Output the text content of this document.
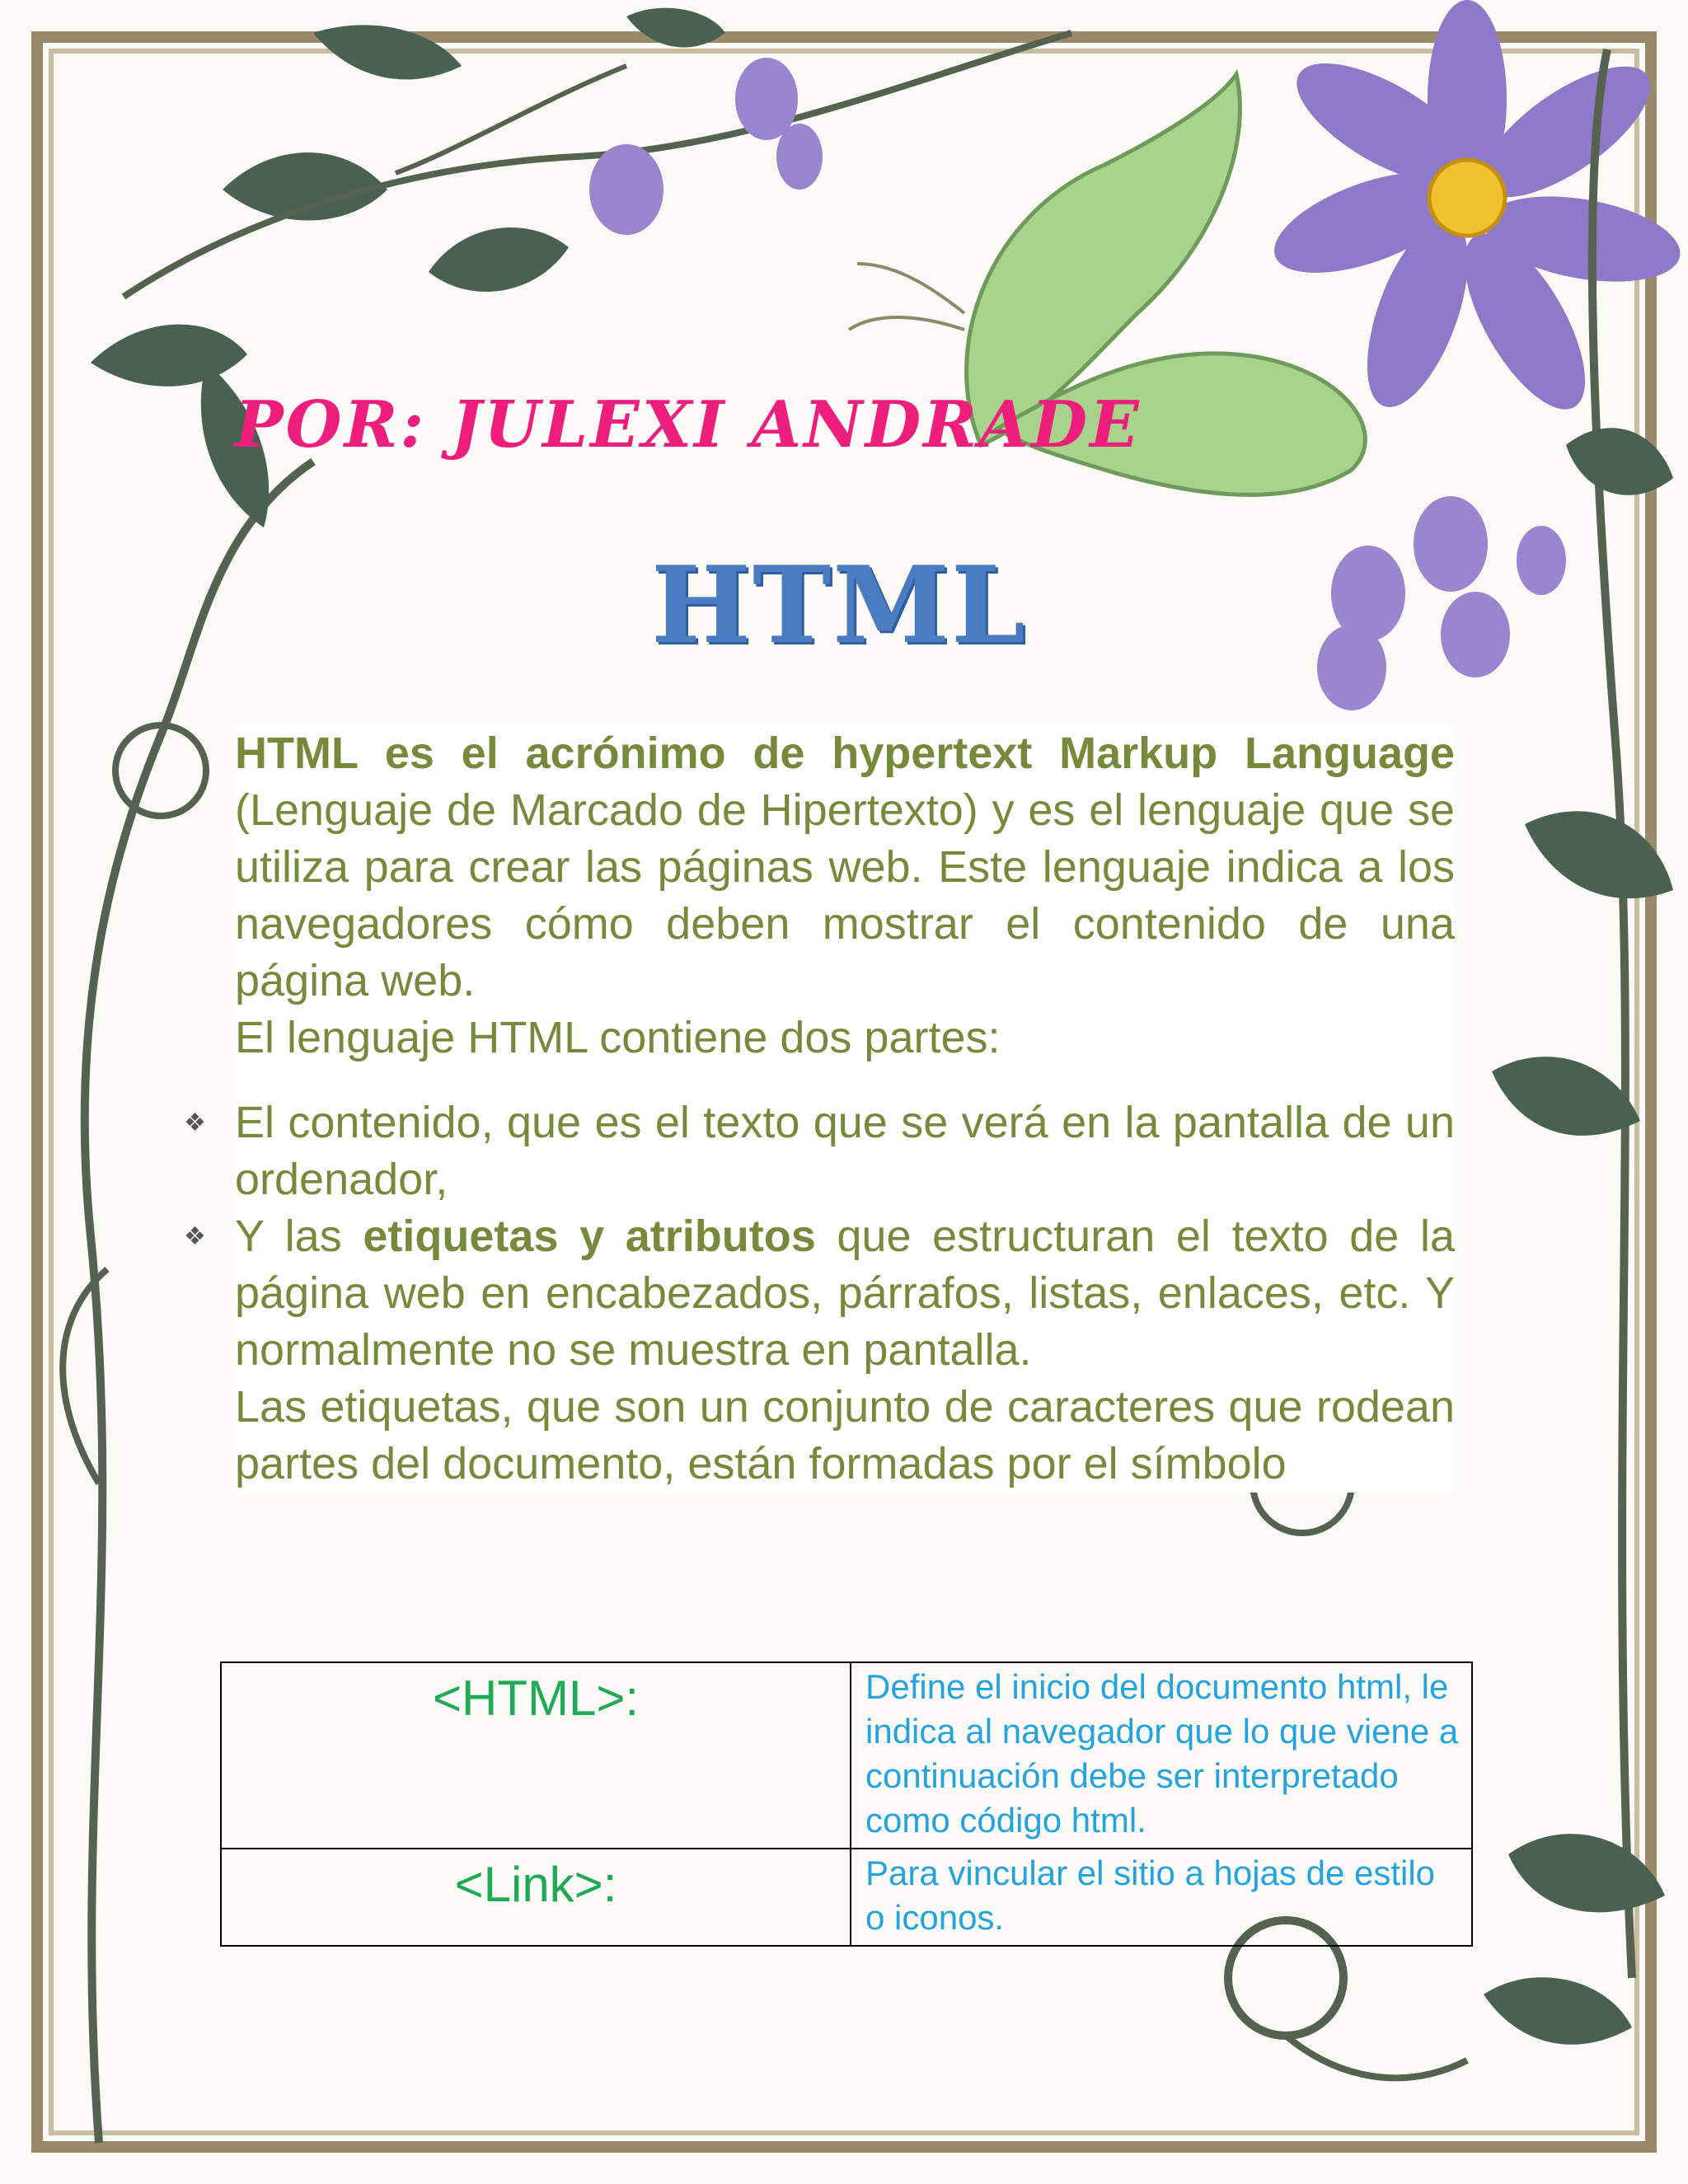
POR: JULEXI ANDRADE
HTML

HTML es el acrónimo de hypertext Markup Language (Lenguaje de Marcado de Hipertexto) y es el lenguaje que se utiliza para crear las páginas web. Este lenguaje indica a los navegadores cómo deben mostrar el contenido de una página web.

El lenguaje HTML contiene dos partes:

❖ El contenido, que es el texto que se verá en la pantalla de un ordenador,
❖ Y las etiquetas y atributos que estructuran el texto de la página web en encabezados, párrafos, listas, enlaces, etc. Y normalmente no se muestra en pantalla.

Las etiquetas, que son un conjunto de caracteres que rodean partes del documento, están formadas por el símbolo

<HTML>:	Define el inicio del documento html, le indica al navegador que lo que viene a continuación debe ser interpretado como código html.
<Link>:	Para vincular el sitio a hojas de estilo o iconos.
